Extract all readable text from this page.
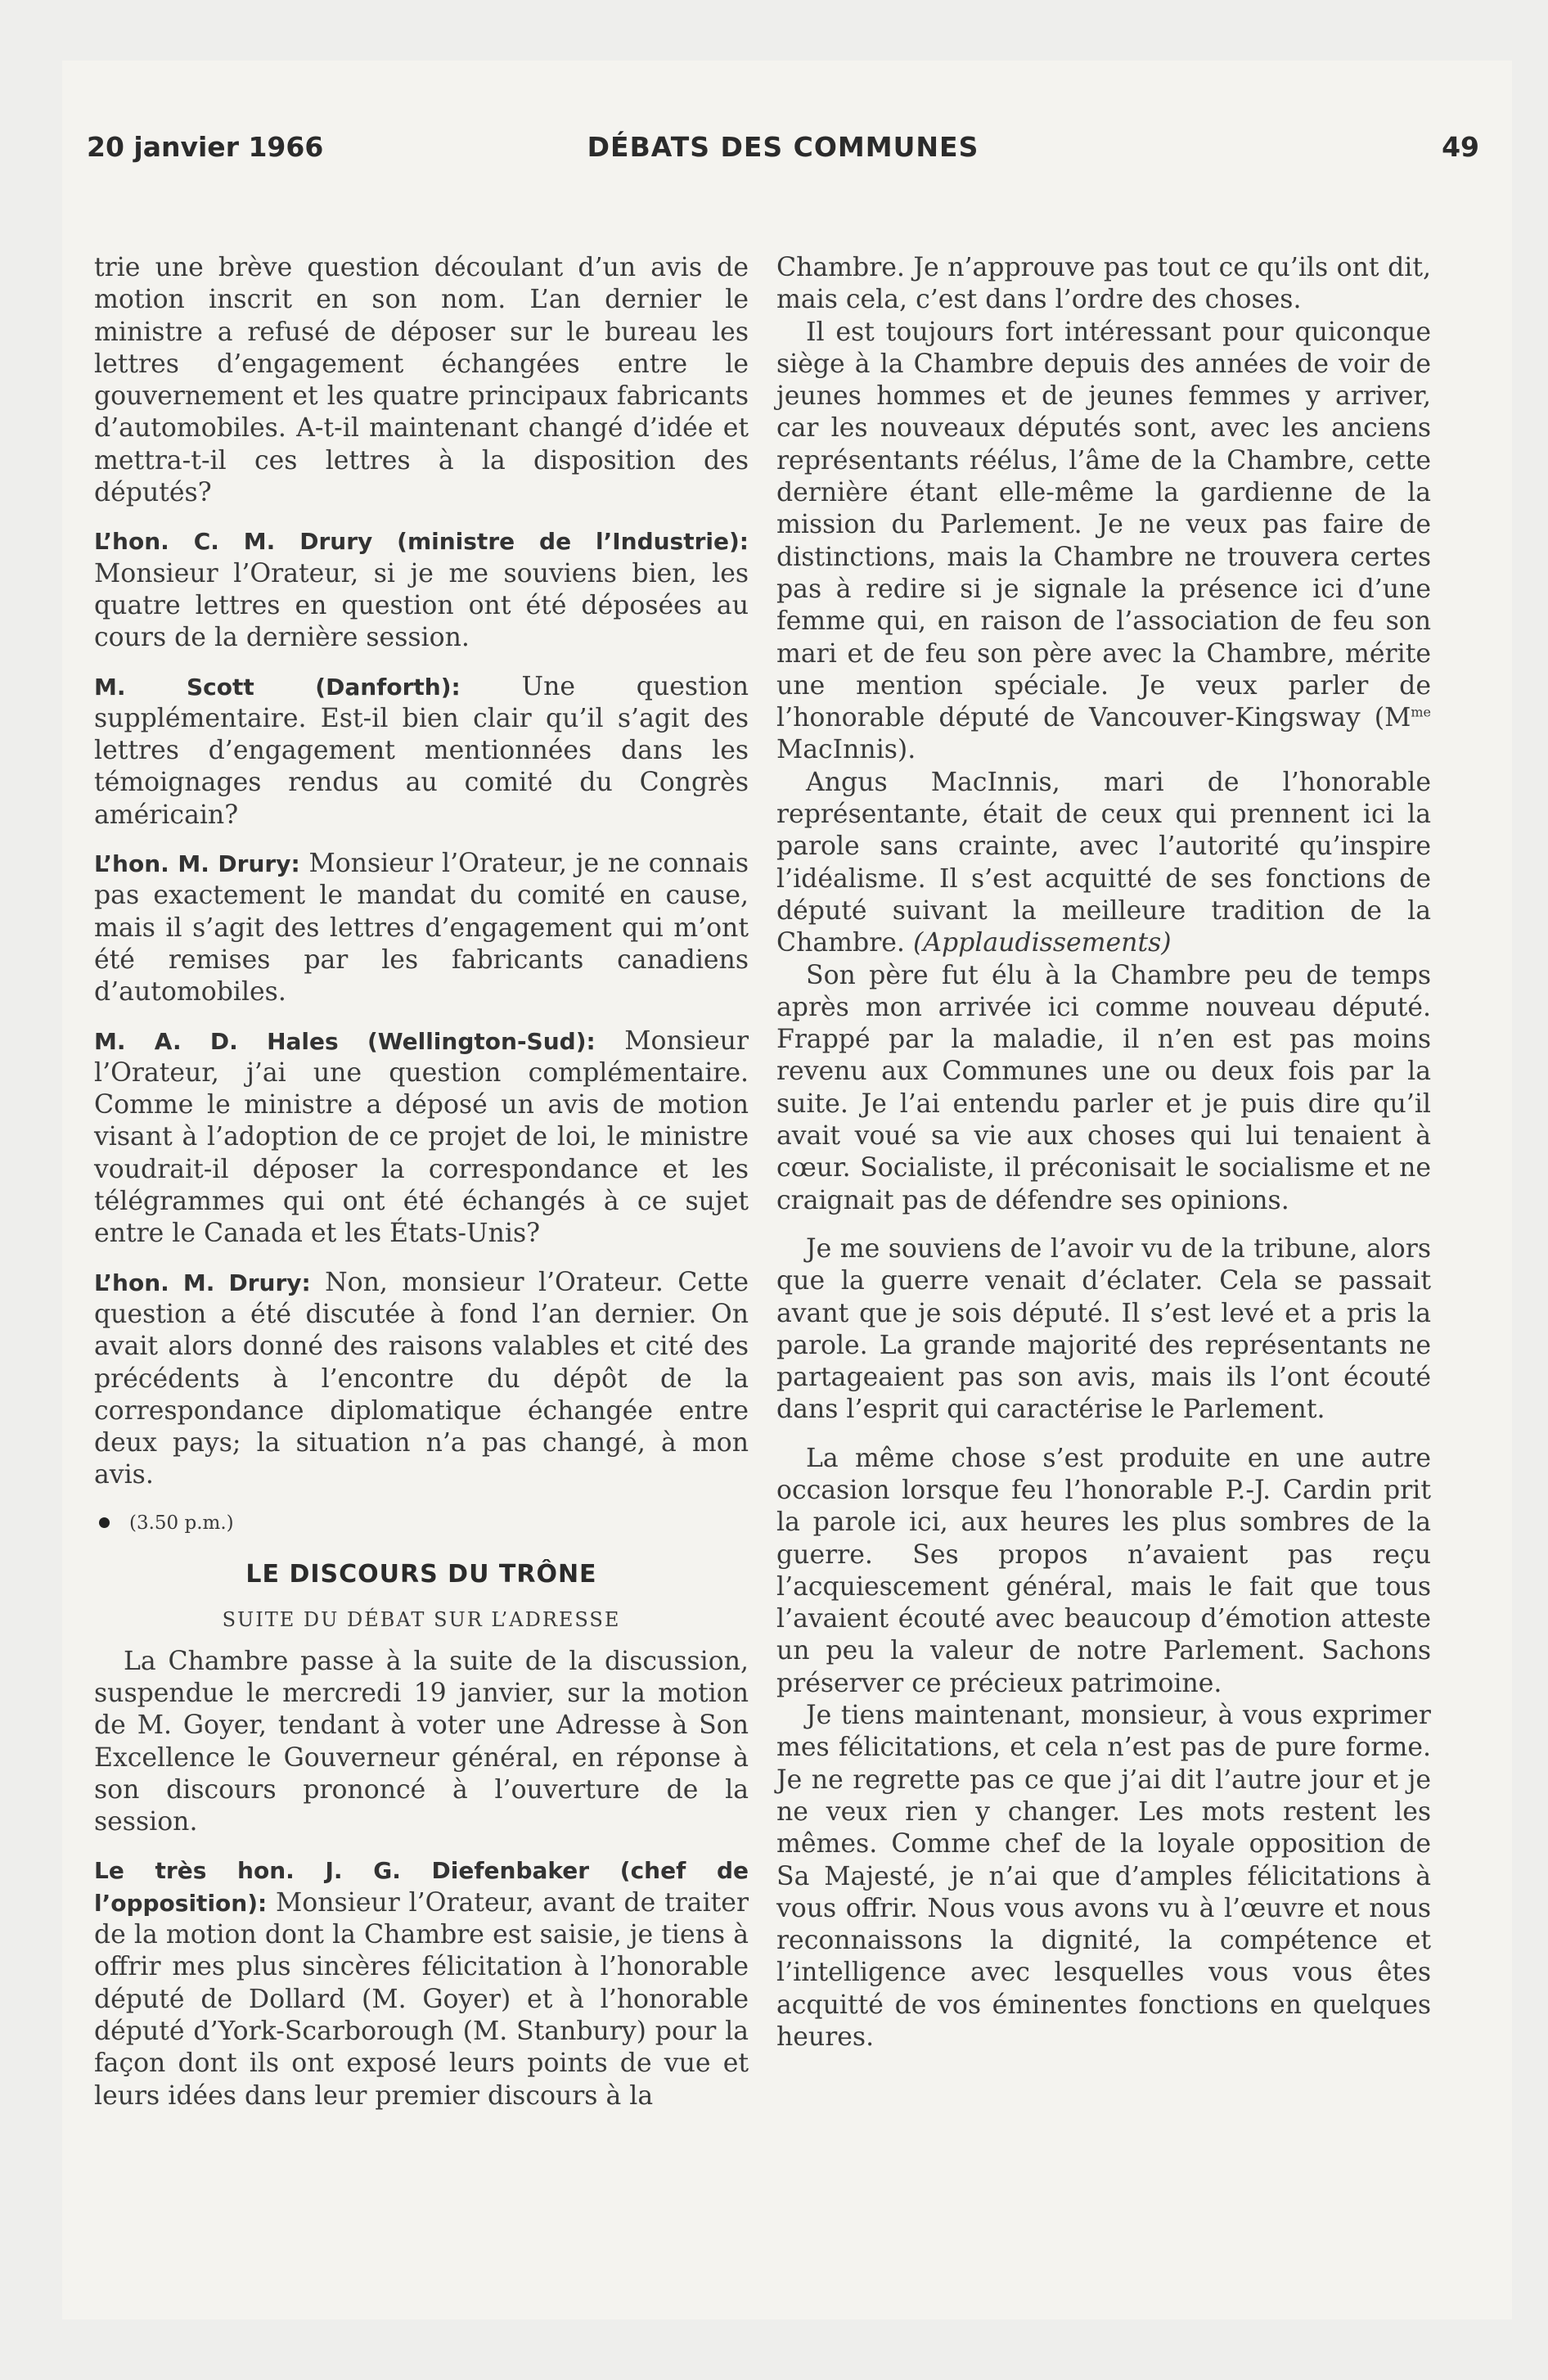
20 janvier 1966	DÉBATS DES COMMUNES	49

trie une brève question découlant d’un avis de motion inscrit en son nom. L’an dernier le ministre a refusé de déposer sur le bureau les lettres d’engagement échangées entre le gouvernement et les quatre principaux fabricants d’automobiles. A-t-il maintenant changé d’idée et mettra-t-il ces lettres à la disposition des députés?

L’hon. C. M. Drury (ministre de l’Industrie): Monsieur l’Orateur, si je me souviens bien, les quatre lettres en question ont été déposées au cours de la dernière session.

M. Scott (Danforth): Une question supplémentaire. Est-il bien clair qu’il s’agit des lettres d’engagement mentionnées dans les témoignages rendus au comité du Congrès américain?

L’hon. M. Drury: Monsieur l’Orateur, je ne connais pas exactement le mandat du comité en cause, mais il s’agit des lettres d’engagement qui m’ont été remises par les fabricants canadiens d’automobiles.

M. A. D. Hales (Wellington-Sud): Monsieur l’Orateur, j’ai une question complémentaire. Comme le ministre a déposé un avis de motion visant à l’adoption de ce projet de loi, le ministre voudrait-il déposer la correspondance et les télégrammes qui ont été échangés à ce sujet entre le Canada et les États-Unis?

L’hon. M. Drury: Non, monsieur l’Orateur. Cette question a été discutée à fond l’an dernier. On avait alors donné des raisons valables et cité des précédents à l’encontre du dépôt de la correspondance diplomatique échangée entre deux pays; la situation n’a pas changé, à mon avis.

(3.50 p.m.)

LE DISCOURS DU TRÔNE

SUITE DU DÉBAT SUR L’ADRESSE

La Chambre passe à la suite de la discussion, suspendue le mercredi 19 janvier, sur la motion de M. Goyer, tendant à voter une Adresse à Son Excellence le Gouverneur général, en réponse à son discours prononcé à l’ouverture de la session.

Le très hon. J. G. Diefenbaker (chef de l’opposition): Monsieur l’Orateur, avant de traiter de la motion dont la Chambre est saisie, je tiens à offrir mes plus sincères félicitation à l’honorable député de Dollard (M. Goyer) et à l’honorable député d’York-Scarborough (M. Stanbury) pour la façon dont ils ont exposé leurs points de vue et leurs idées dans leur premier discours à la

Chambre. Je n’approuve pas tout ce qu’ils ont dit, mais cela, c’est dans l’ordre des choses.

Il est toujours fort intéressant pour quiconque siège à la Chambre depuis des années de voir de jeunes hommes et de jeunes femmes y arriver, car les nouveaux députés sont, avec les anciens représentants réélus, l’âme de la Chambre, cette dernière étant elle-même la gardienne de la mission du Parlement. Je ne veux pas faire de distinctions, mais la Chambre ne trouvera certes pas à redire si je signale la présence ici d’une femme qui, en raison de l’association de feu son mari et de feu son père avec la Chambre, mérite une mention spéciale. Je veux parler de l’honorable député de Vancouver-Kingsway ($M^{me}$ MacInnis).

Angus MacInnis, mari de l’honorable représentante, était de ceux qui prennent ici la parole sans crainte, avec l’autorité qu’inspire l’idéalisme. Il s’est acquitté de ses fonctions de député suivant la meilleure tradition de la Chambre. (Applaudissements)

Son père fut élu à la Chambre peu de temps après mon arrivée ici comme nouveau député. Frappé par la maladie, il n’en est pas moins revenu aux Communes une ou deux fois par la suite. Je l’ai entendu parler et je puis dire qu’il avait voué sa vie aux choses qui lui tenaient à cœur. Socialiste, il préconisait le socialisme et ne craignait pas de défendre ses opinions.

Je me souviens de l’avoir vu de la tribune, alors que la guerre venait d’éclater. Cela se passait avant que je sois député. Il s’est levé et a pris la parole. La grande majorité des représentants ne partageaient pas son avis, mais ils l’ont écouté dans l’esprit qui caractérise le Parlement.

La même chose s’est produite en une autre occasion lorsque feu l’honorable P.-J. Cardin prit la parole ici, aux heures les plus sombres de la guerre. Ses propos n’avaient pas reçu l’acquiescement général, mais le fait que tous l’avaient écouté avec beaucoup d’émotion atteste un peu la valeur de notre Parlement. Sachons préserver ce précieux patrimoine.

Je tiens maintenant, monsieur, à vous exprimer mes félicitations, et cela n’est pas de pure forme. Je ne regrette pas ce que j’ai dit l’autre jour et je ne veux rien y changer. Les mots restent les mêmes. Comme chef de la loyale opposition de Sa Majesté, je n’ai que d’amples félicitations à vous offrir. Nous vous avons vu à l’œuvre et nous reconnaissons la dignité, la compétence et l’intelligence avec lesquelles vous vous êtes acquitté de vos éminentes fonctions en quelques heures.
